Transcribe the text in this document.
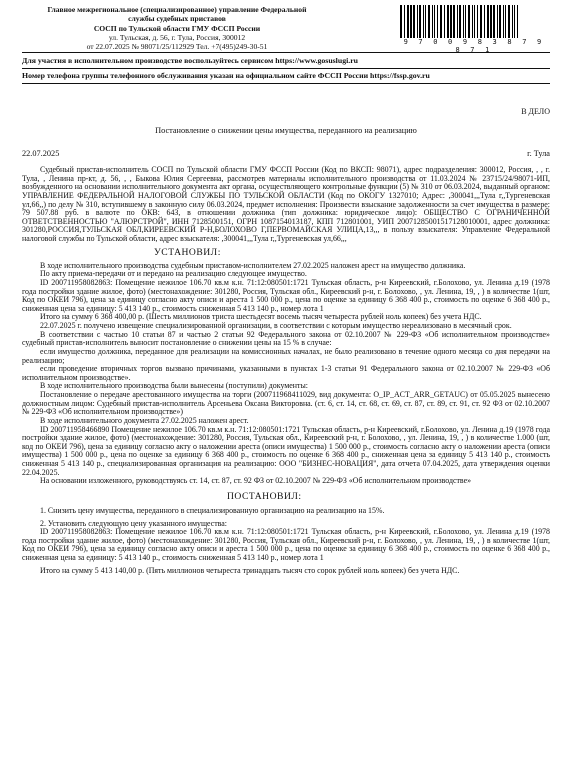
Главное межрегиональное (специализированное) управление Федеральной
службы судебных приставов
СОСП по Тульской области ГМУ ФССП России
ул. Тульская, д. 56, г. Тула, Россия, 300012
от 22.07.2025 № 98071/25/112929 Тел. +7(495)249-30-51
9 7 0 0 9 8 3 8 7 9 8 7 1
Для участия в исполнительном производстве воспользуйтесь сервисом https://www.gosuslugi.ru
Номер телефона группы телефонного обслуживания указан на официальном сайте ФССП России https://fssp.gov.ru
В ДЕЛО
Постановление о снижении цены имущества, переданного на реализацию
22.07.2025	г. Тула

Судебный пристав-исполнитель СОСП по Тульской области ГМУ ФССП России (Код по ВКСП: 98071), адрес подразделения: 300012, Россия, , , г. Тула, , Ленина пр-кт, д. 56, , , Быкова Юлия Сергеевна, рассмотрев материалы исполнительного производства от 11.03.2024 № 23715/24/98071-ИП, возбужденного на основании исполнительного документа акт органа, осуществляющего контрольные функции (5) № 310 от 06.03.2024, выданный органом: УПРАВЛЕНИЕ ФЕДЕРАЛЬНОЙ НАЛОГОВОЙ СЛУЖБЫ ПО ТУЛЬСКОЙ ОБЛАСТИ (Код по ОКОГУ 1327010; Адрес: ,300041,,,Тула г,,Тургеневская ул,66,,) по делу № 310, вступившему в законную силу 06.03.2024, предмет исполнения: Произвести взыскание задолженности за счет имущества в размере: 79 507.88 руб. в валюте по ОКВ: 643, в отношении должника (тип должника: юридическое лицо): ОБЩЕСТВО С ОГРАНИЧЕННОЙ ОТВЕТСТВЕННОСТЬЮ "АЛЮРСТРОЙ", ИНН 7128500151, ОГРН 1087154013187, КПП 712801001, УИП 20071285001517128010001, адрес должника: 301280,РОССИЯ,ТУЛЬСКАЯ ОБЛ,КИРЕЕВСКИЙ Р-Н,БОЛОХОВО Г,ПЕРВОМАЙСКАЯ УЛИЦА,13,,, в пользу взыскателя: Управление Федеральной налоговой службы по Тульской области, адрес взыскателя: ,300041,,,Тула г,,Тургеневская ул,66,,,

УСТАНОВИЛ:

В ходе исполнительного производства судебным приставом-исполнителем 27.02.2025 наложен арест на имущество должника.

По акту приема-передачи от и передано на реализацию следующее имущество.

ID 200711958082863: Помещение нежилое 106.70 кв.м к.н. 71:12:080501:1721 Тульская область, р-н Киреевский, г.Болохово, ул. Ленина д.19 (1978 года постройки здание жилое, фото) (местонахождение: 301280, Россия, Тульская обл., Киреевский р-н, г. Болохово, , ул. Ленина, 19, , ) в количестве 1(шт, Код по ОКЕИ 796), цена за единицу согласно акту описи и ареста 1 500 000 р., цена по оценке за единицу 6 368 400 р., стоимость по оценке 6 368 400 р., сниженная цена за единицу: 5 413 140 р., стоимость сниженная 5 413 140 р., номер лота 1

Итого на сумму 6 368 400,00 р. (Шесть миллионов триста шестьдесят восемь тысяч четыреста рублей ноль копеек) без учета НДС.

22.07.2025 г. получено извещение специализированной организации, в соответствии с которым имущество нереализовано в месячный срок.

В соответствии с частью 10 статьи 87 и частью 2 статьи 92 Федерального закона от 02.10.2007 № 229-ФЗ «Об исполнительном производстве» судебный пристав-исполнитель выносит постановление о снижении цены на 15 % в случае:

если имущество должника, переданное для реализации на комиссионных началах, не было реализовано в течение одного месяца со дня передачи на реализацию;

если проведение вторичных торгов вызвано причинами, указанными в пунктах 1-3 статьи 91 Федерального закона от 02.10.2007 № 229-ФЗ «Об исполнительном производстве».

В ходе исполнительного производства были вынесены (поступили) документы:

Постановление о передаче арестованного имущества на торги (200711968411029, вид документа: O_IP_ACT_ARR_GETAUC) от 05.05.2025 вынесено должностным лицом: Судебный пристав-исполнитель Арсеньева Оксана Викторовна. (ст. 6, ст. 14, ст. 68, ст. 69, ст. 87, ст. 89, ст. 91, ст. 92 ФЗ от 02.10.2007 № 229-ФЗ «Об исполнительном производстве»)

В ходе исполнительного документа 27.02.2025 наложен арест.

ID 200711958466890 Помещение нежилое 106.70 кв.м к.н. 71:12:080501:1721 Тульская область, р-н Киреевский, г.Болохово, ул. Ленина д.19 (1978 года постройки здание жилое, фото) (местонахождение: 301280, Россия, Тульская обл., Киреевский р-н, г. Болохово, , ул. Ленина, 19, , ) в количестве 1.000 (шт, код по ОКЕИ 796), цена за единицу согласно акту о наложении ареста (описи имущества) 1 500 000 р., стоимость согласно акту о наложении ареста (описи имущества) 1 500 000 р., цена по оценке за единицу 6 368 400 р., стоимость по оценке 6 368 400 р., сниженная цена за единицу 5 413 140 р., стоимость сниженная 5 413 140 р., специализированная организация на реализацию: ООО "БИЗНЕС-НОВАЦИЯ", дата отчета 07.04.2025, дата утверждения оценки 22.04.2025.

На основании изложенного, руководствуясь ст. 14, ст. 87, ст. 92 ФЗ от 02.10.2007 № 229-ФЗ «Об исполнительном производстве»

ПОСТАНОВИЛ:

1. Снизить цену имущества, переданного в специализированную организацию на реализацию на 15%.

2. Установить следующую цену указанного имущества:

ID 200711958082863: Помещение нежилое 106.70 кв.м к.н. 71:12:080501:1721 Тульская область, р-н Киреевский, г.Болохово, ул. Ленина д.19 (1978 года постройки здание жилое, фото) (местонахождение: 301280, Россия, Тульская обл., Киреевский р-н, г. Болохово, , ул. Ленина, 19, , ) в количестве 1(шт, Код по ОКЕИ 796), цена за единицу согласно акту описи и ареста 1 500 000 р., цена по оценке за единицу 6 368 400 р., стоимость по оценке 6 368 400 р., сниженная цена за единицу: 5 413 140 р., стоимость сниженная 5 413 140 р., номер лота 1

Итого на сумму 5 413 140,00 р. (Пять миллионов четыреста тринадцать тысяч сто сорок рублей ноль копеек) без учета НДС.
